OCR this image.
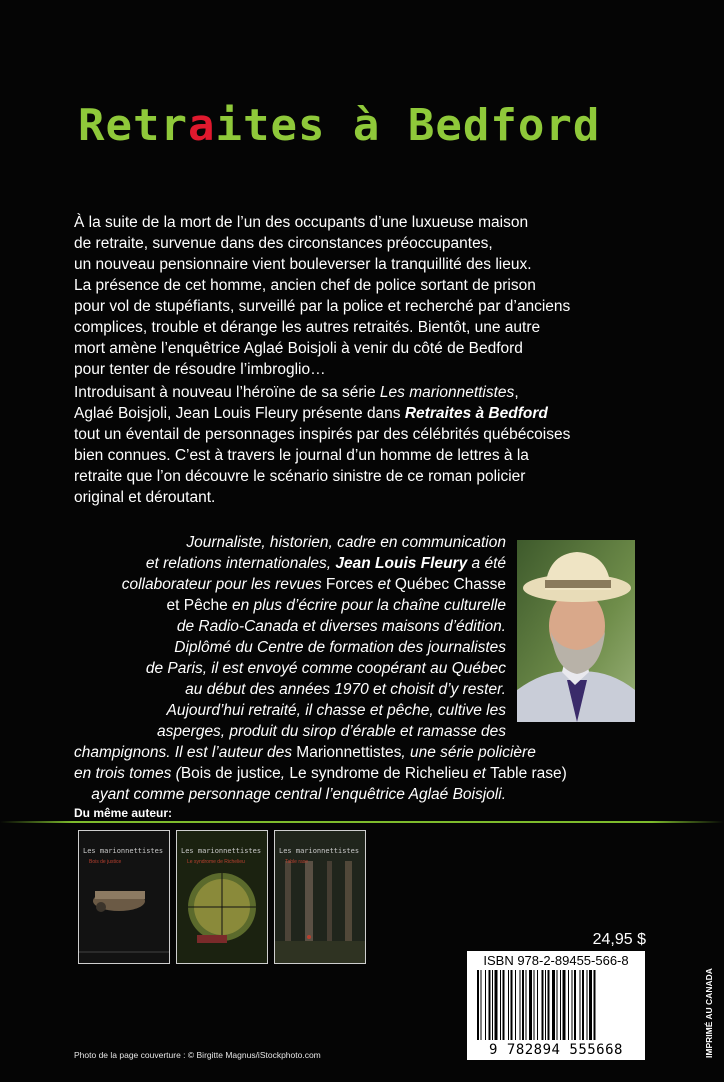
Retraites à Bedford

À la suite de la mort de l’un des occupants d’une luxueuse maison
de retraite, survenue dans des circonstances préoccupantes,
un nouveau pensionnaire vient bouleverser la tranquillité des lieux.
La présence de cet homme, ancien chef de police sortant de prison
pour vol de stupéfiants, surveillé par la police et recherché par d’anciens
complices, trouble et dérange les autres retraités. Bientôt, une autre
mort amène l’enquêtrice Aglaé Boisjoli à venir du côté de Bedford
pour tenter de résoudre l’imbroglio…

Introduisant à nouveau l’héroïne de sa série Les marionnettistes,
Aglaé Boisjoli, Jean Louis Fleury présente dans Retraites à Bedford
tout un éventail de personnages inspirés par des célébrités québécoises
bien connues. C’est à travers le journal d’un homme de lettres à la
retraite que l’on découvre le scénario sinistre de ce roman policier
original et déroutant.

Journaliste, historien, cadre en communication
et relations internationales, Jean Louis Fleury a été
collaborateur pour les revues Forces et Québec Chasse
et Pêche en plus d’écrire pour la chaîne culturelle
de Radio-Canada et diverses maisons d’édition.
Diplômé du Centre de formation des journalistes
de Paris, il est envoyé comme coopérant au Québec
au début des années 1970 et choisit d’y rester.
Aujourd’hui retraité, il chasse et pêche, cultive les
asperges, produit du sirop d’érable et ramasse des
champignons. Il est l’auteur des Marionnettistes, une série policière
en trois tomes (Bois de justice, Le syndrome de Richelieu et Table rase)
ayant comme personnage central l’enquêtrice Aglaé Boisjoli.

Du même auteur:

Les marionnettistes
Bois de justice
Les marionnettistes
Le syndrome de Richelieu
Les marionnettistes
Table rase

24,95 $

ISBN 978-2-89455-566-8
9 782894 555668	IMPRIMÉ AU CANADA

Photo de la page couverture : © Birgitte Magnus/iStockphoto.com
